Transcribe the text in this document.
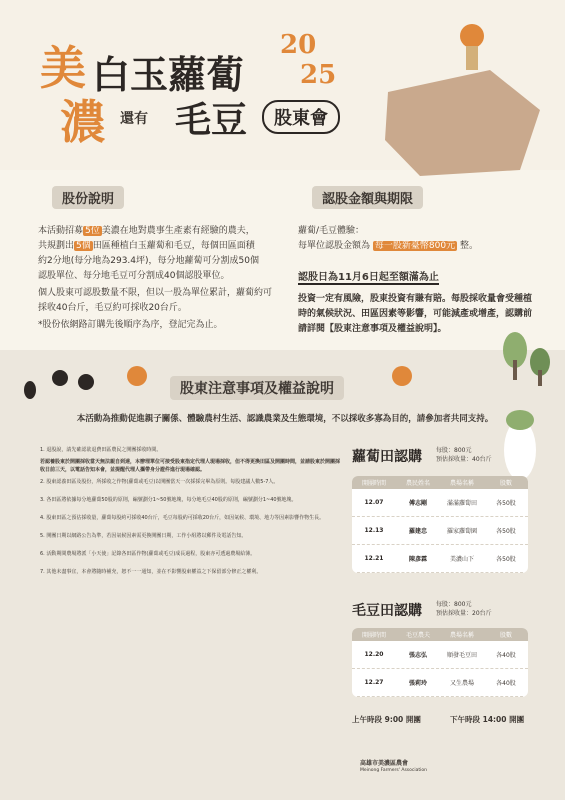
美
濃
白玉蘿蔔
20
25
還有 毛豆	股東會
股份說明
本活動招募 5位 美濃在地對農事生產素有經驗的農夫，
共規劃出 5個 田區種植白玉蘿蔔和毛豆，每個田區面積
約2分地(每分地為293.4坪)，每分地蘿蔔可分割成50個
認股單位、每分地毛豆可分割成40個認股單位。
個人股東可認股數量不限，但以一股為單位累計，蘿蔔約可採收40台斤，毛豆約可採收20台斤。
*股份依網路訂購先後順序為序，登記完為止。
認股金額與期限
蘿蔔/毛豆體驗：
每單位認股金額為 每一股新臺幣800元 整。
認股日為11月6日起至額滿為止
投資一定有風險，股東投資有賺有賠。每股採收量會受種植時的氣候狀況、田區因素等影響，可能減產或增產，認購前請詳閱【股東注意事項及權益說明】。
股東注意事項及權益說明
本活動為推動促進親子關係、體驗農村生活、認識農業及生態環境，不以採收多寡為目的，請參加者共同支持。
1. 退股說，請先確認欲退費田區農民之開團採收時間。
若認養股東於開團採收當天無法親自到達，本辦理單位可接受股東指定代理人現場採收，但不得更換田區及開團時間，並請股東於開團採收日前三天，以電話告知本會，並提醒代理人攜帶身分證件進行現場確認。
2. 股東認養田區及股份，所採收之作物(蘿蔔或毛豆)以開團當天一次採採完畢為原則。每股建議人數5-7人。
3. 各田區將依據每分地蘿蔔50股的原則，編號劃分1~50號地塊，每分地毛豆40股的原則，編號劃分1~40號地塊。
4. 股東田區之預估採收量，蘿蔔每股約可採收40台斤，毛豆每股約可採收20台斤，如因氣候、環境、地力等因素影響作物生長。
5. 開團日期以網路公告為準，若因氣候因素需更換開團日期，工作小組將以郵件及電話告知。
6. 活動期間農場將派「小天使」記錄各田區作物(蘿蔔或毛豆)成長過程，股東亦可透過農場給簿。
7. 其他未盡事宜，本會將隨時補充，恕不一一通知，並在不影響股東權益之下保留部分修正之權利。
蘿蔔田認購 每股：800元
預估採收量：40台斤
開團時間	農民姓名	農場名稱	股數
12.07	傅志剛	滿滿蘿蔔田	各50股
12.13	羅建忠	羅家蘿蔔園	各50股
12.21	陳彥霖	美濃山下	各50股
毛豆田認購 每股：800元
預估採收量：20台斤
開團時間	毛豆農夫	農場名稱	股數
12.20	張志弘	順發毛豆田	各40股
12.27	張莉玲	又生農場	各40股
上午時段 9:00 開團	下午時段 14:00 開團
高雄市美濃區農會
Meinong Farmers' Association
